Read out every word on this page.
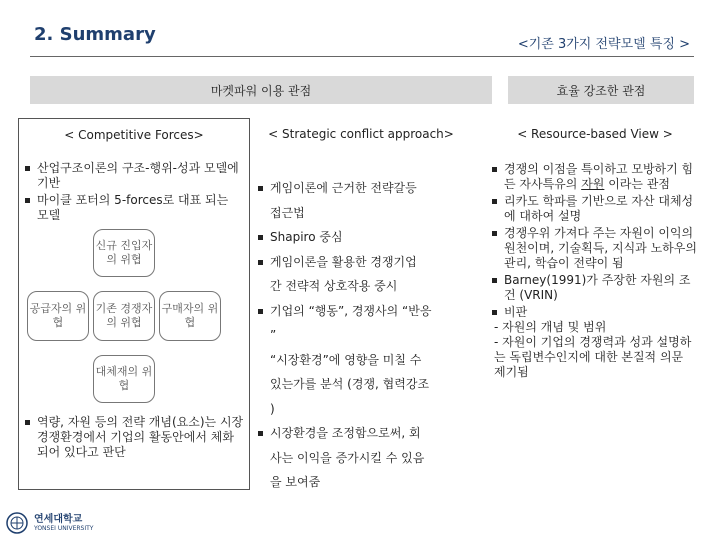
2. Summary	<기존 3가지 전략모델 특징 >
마켓파워 이용 관점	효율 강조한 관점
< Competitive Forces>
산업구조이론의 구조-행위-성과 모델에 기반
마이클 포터의 5-forces로 대표 되는 모델
신규 진입자의 위협
공급자의 위협
기존 경쟁자의 위협
구매자의 위협
대체재의 위협
역량, 자원 등의 전략 개념(요소)는 시장경쟁환경에서 기업의 활동안에서 체화 되어 있다고 판단
< Strategic conflict approach>
게임이론에 근거한 전략갈등
접근법
Shapiro 중심
게임이론을 활용한 경쟁기업
간 전략적 상호작용 중시
기업의 “행동”, 경쟁사의 “반응
”
“시장환경”에 영향을 미칠 수
있는가를 분석 (경쟁, 협력강조
)
시장환경을 조정함으로써, 회
사는 이익을 증가시킬 수 있음
을 보여줌
< Resource-based View >
경쟁의 이점을 특이하고 모방하기 힘든 자사특유의 자원 이라는 관점
리카도 학파를 기반으로 자산 대체성에 대하여 설명
경쟁우위 가져다 주는 자원이 이익의 원천이며, 기술획득, 지식과 노하우의 관리, 학습이 전략이 됨
Barney(1991)가 주장한 자원의 조건 (VRIN)
비판
- 자원의 개념 및 범위
- 자원이 기업의 경쟁력과 성과 설명하는 독립변수인지에 대한 본질적 의문 제기됨
연세대학교
YONSEI UNIVERSITY
